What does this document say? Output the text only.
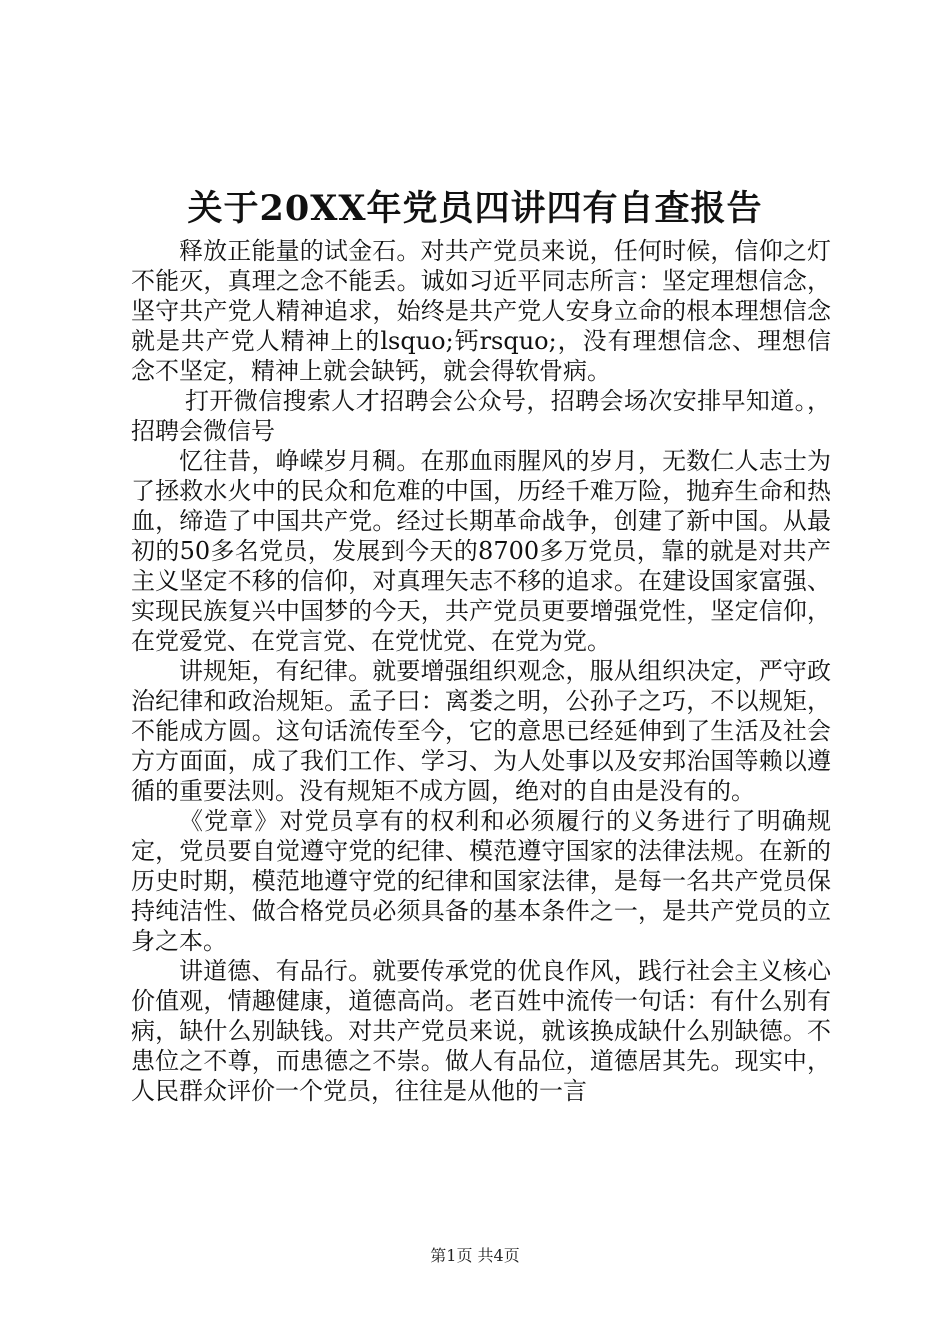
关于20XX年党员四讲四有自查报告

释放正能量的试金石。对共产党员来说，任何时候，信仰之灯不能灭，真理之念不能丢。诚如习近平同志所言：坚定理想信念，坚守共产党人精神追求，始终是共产党人安身立命的根本理想信念就是共产党人精神上的lsquo;钙rsquo;，没有理想信念、理想信念不坚定，精神上就会缺钙，就会得软骨病。

打开微信搜索人才招聘会公众号，招聘会场次安排早知道。，招聘会微信号

忆往昔，峥嵘岁月稠。在那血雨腥风的岁月，无数仁人志士为了拯救水火中的民众和危难的中国，历经千难万险，抛弃生命和热血，缔造了中国共产党。经过长期革命战争，创建了新中国。从最初的50多名党员，发展到今天的8700多万党员，靠的就是对共产主义坚定不移的信仰，对真理矢志不移的追求。在建设国家富强、实现民族复兴中国梦的今天，共产党员更要增强党性，坚定信仰，在党爱党、在党言党、在党忧党、在党为党。

讲规矩，有纪律。就要增强组织观念，服从组织决定，严守政治纪律和政治规矩。孟子曰：离娄之明，公孙子之巧，不以规矩，不能成方圆。这句话流传至今，它的意思已经延伸到了生活及社会方方面面，成了我们工作、学习、为人处事以及安邦治国等赖以遵循的重要法则。没有规矩不成方圆，绝对的自由是没有的。

《党章》对党员享有的权利和必须履行的义务进行了明确规定，党员要自觉遵守党的纪律、模范遵守国家的法律法规。在新的历史时期，模范地遵守党的纪律和国家法律，是每一名共产党员保持纯洁性、做合格党员必须具备的基本条件之一，是共产党员的立身之本。

讲道德、有品行。就要传承党的优良作风，践行社会主义核心价值观，情趣健康，道德高尚。老百姓中流传一句话：有什么别有病，缺什么别缺钱。对共产党员来说，就该换成缺什么别缺德。不患位之不尊，而患德之不崇。做人有品位，道德居其先。现实中，人民群众评价一个党员，往往是从他的一言

第1页 共4页
